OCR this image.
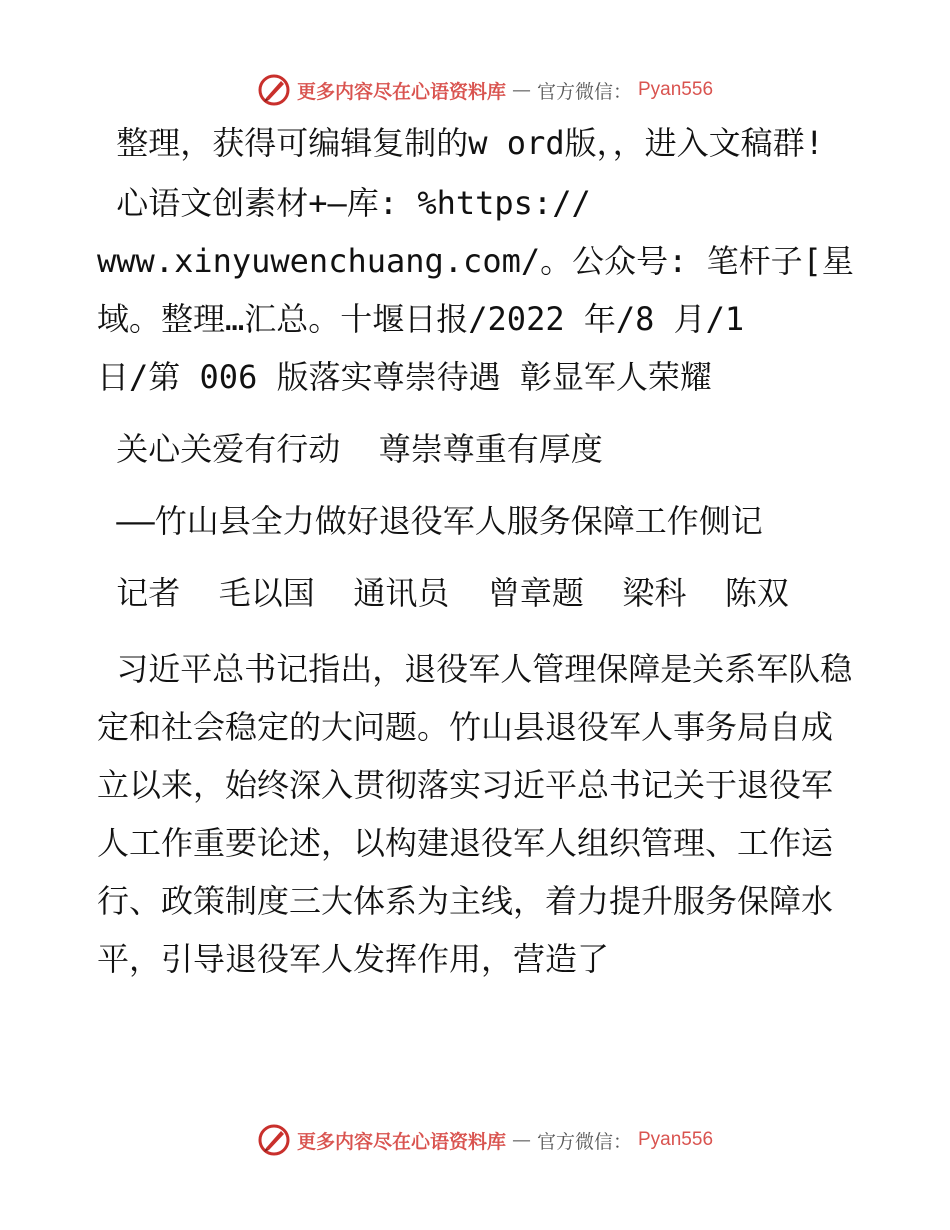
更多内容尽在心语资料库 — 官方微信： Pyan556

整理，获得可编辑复制的w ord版，，进入文稿群!

心语文创素材+—库: %https://
www.xinyuwenchuang.com/。公众号: 笔杆子[星域。整理…汇总。十堰日报/2022 年/8 月/1
日/第 006 版落实尊崇待遇 彰显军人荣耀

关心关爱有行动  尊崇尊重有厚度

——竹山县全力做好退役军人服务保障工作侧记

记者  毛以国  通讯员  曾章题  梁科  陈双

习近平总书记指出，退役军人管理保障是关系军队稳定和社会稳定的大问题。竹山县退役军人事务局自成立以来，始终深入贯彻落实习近平总书记关于退役军人工作重要论述，以构建退役军人组织管理、工作运行、政策制度三大体系为主线，着力提升服务保障水平，引导退役军人发挥作用，营造了

更多内容尽在心语资料库 — 官方微信： Pyan556
